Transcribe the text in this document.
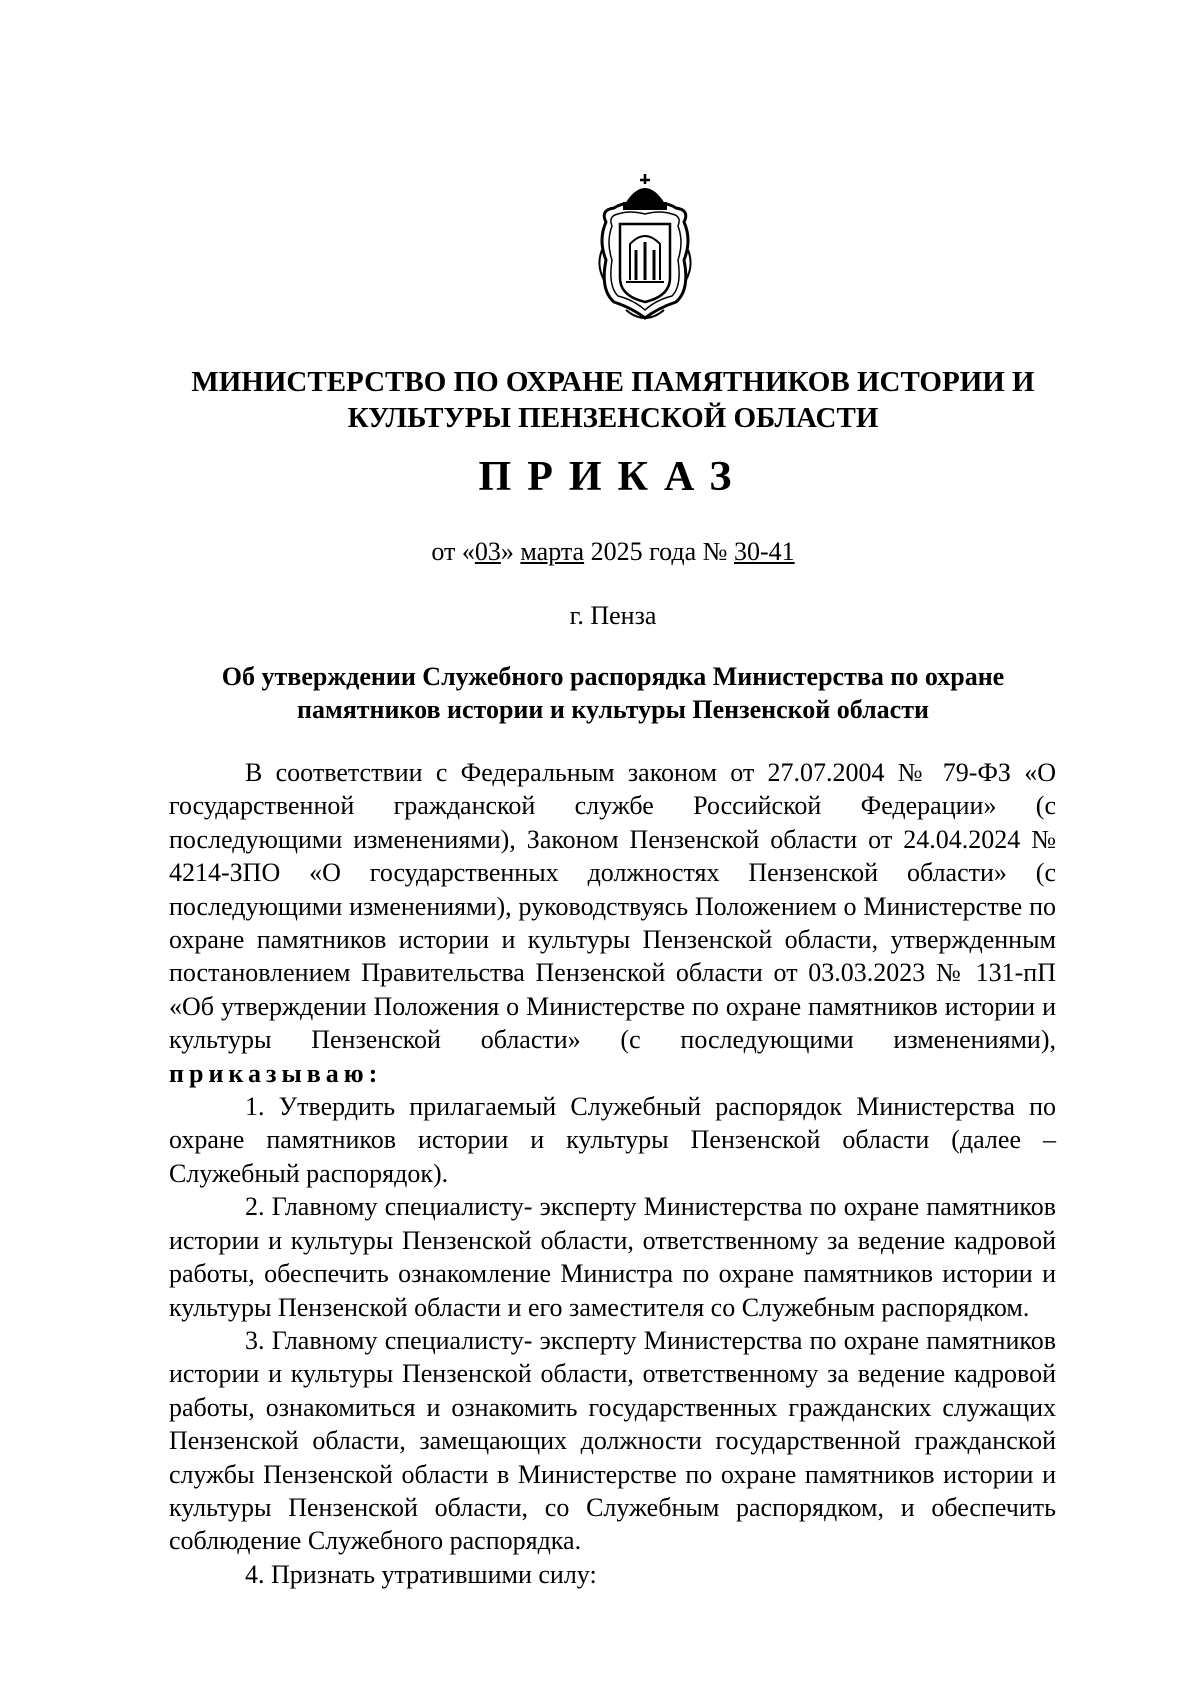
МИНИСТЕРСТВО ПО ОХРАНЕ ПАМЯТНИКОВ ИСТОРИИ И
КУЛЬТУРЫ ПЕНЗЕНСКОЙ ОБЛАСТИ
ПРИКАЗ
от «03» марта 2025 года № 30-41
г. Пенза
Об утверждении Служебного распорядка Министерства по охране
памятников истории и культуры Пензенской области

В соответствии с Федеральным законом от 27.07.2004 № 79-ФЗ «О государственной гражданской службе Российской Федерации» (с последующими изменениями), Законом Пензенской области от 24.04.2024 № 4214-ЗПО «О государственных должностях Пензенской области» (с последующими изменениями), руководствуясь Положением о Министерстве по охране памятников истории и культуры Пензенской области, утвержденным постановлением Правительства Пензенской области от 03.03.2023 № 131-пП «Об утверждении Положения о Министерстве по охране памятников истории и культуры Пензенской области» (с последующими изменениями), приказываю:

1. Утвердить прилагаемый Служебный распорядок Министерства по охране памятников истории и культуры Пензенской области (далее – Служебный распорядок).

2. Главному специалисту- эксперту Министерства по охране памятников истории и культуры Пензенской области, ответственному за ведение кадровой работы, обеспечить ознакомление Министра по охране памятников истории и культуры Пензенской области и его заместителя со Служебным распорядком.

3. Главному специалисту- эксперту Министерства по охране памятников истории и культуры Пензенской области, ответственному за ведение кадровой работы, ознакомиться и ознакомить государственных гражданских служащих Пензенской области, замещающих должности государственной гражданской службы Пензенской области в Министерстве по охране памятников истории и культуры Пензенской области, со Служебным распорядком, и обеспечить соблюдение Служебного распорядка.

4. Признать утратившими силу:
